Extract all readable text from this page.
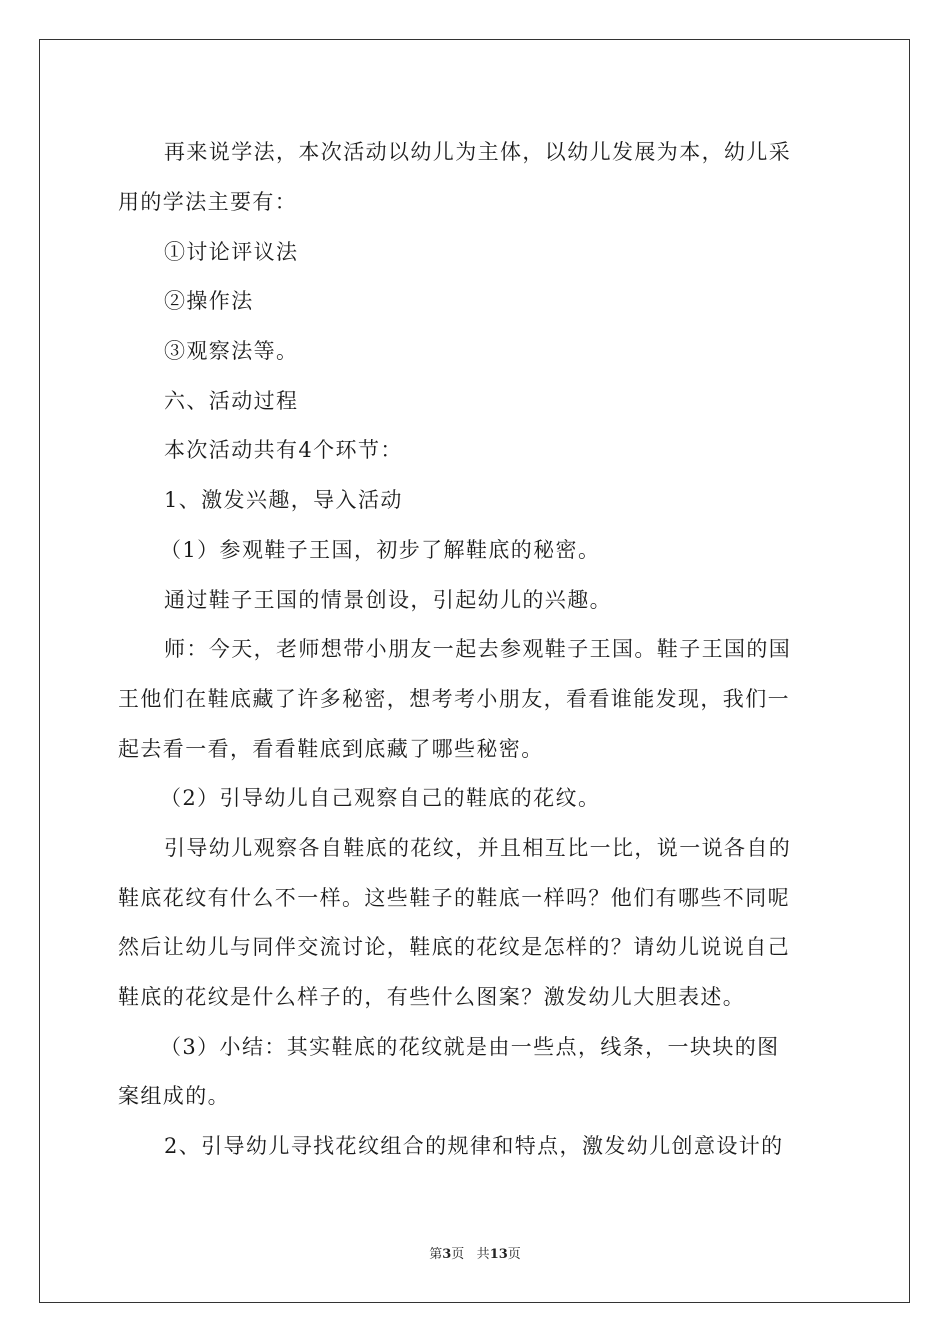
再来说学法，本次活动以幼儿为主体，以幼儿发展为本，幼儿采
用的学法主要有：
①讨论评议法
②操作法
③观察法等。
六、活动过程
本次活动共有4个环节：
1、激发兴趣，导入活动
（1）参观鞋子王国，初步了解鞋底的秘密。
通过鞋子王国的情景创设，引起幼儿的兴趣。
师：今天，老师想带小朋友一起去参观鞋子王国。鞋子王国的国
王他们在鞋底藏了许多秘密，想考考小朋友，看看谁能发现，我们一
起去看一看，看看鞋底到底藏了哪些秘密。
（2）引导幼儿自己观察自己的鞋底的花纹。
引导幼儿观察各自鞋底的花纹，并且相互比一比，说一说各自的
鞋底花纹有什么不一样。这些鞋子的鞋底一样吗？他们有哪些不同呢
然后让幼儿与同伴交流讨论，鞋底的花纹是怎样的？请幼儿说说自己
鞋底的花纹是什么样子的，有些什么图案？激发幼儿大胆表述。
（3）小结：其实鞋底的花纹就是由一些点，线条，一块块的图
案组成的。
2、引导幼儿寻找花纹组合的规律和特点，激发幼儿创意设计的
第3页 共13页
